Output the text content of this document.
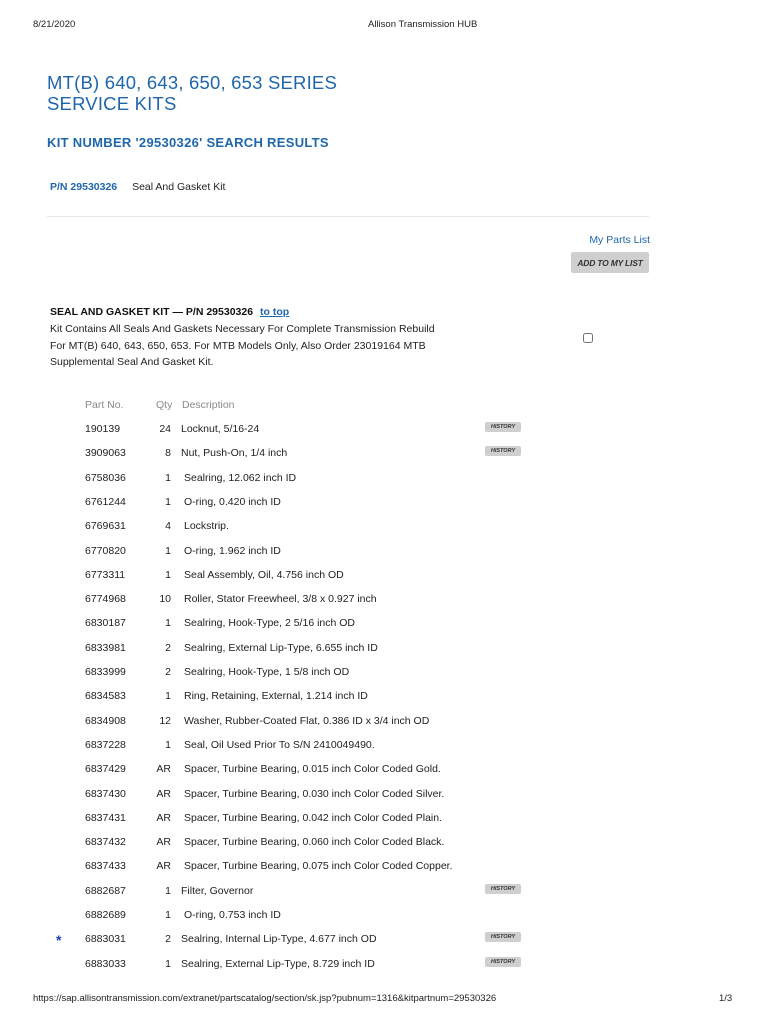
8/21/2020	Allison Transmission HUB
MT(B) 640, 643, 650, 653 SERIES
SERVICE KITS
KIT NUMBER '29530326' SEARCH RESULTS
P/N 29530326 Seal And Gasket Kit
My Parts List
ADD TO MY LIST
SEAL AND GASKET KIT — P/N 29530326 to top
Kit Contains All Seals And Gaskets Necessary For Complete Transmission Rebuild
For MT(B) 640, 643, 650, 653. For MTB Models Only, Also Order 23019164 MTB
Supplemental Seal And Gasket Kit.
Part No.	Qty Description
190139	24 Locknut, 5/16-24	HISTORY
3909063	8 Nut, Push-On, 1/4 inch	HISTORY
6758036	1 Sealring, 12.062 inch ID
6761244	1 O-ring, 0.420 inch ID
6769631	4 Lockstrip.
6770820	1 O-ring, 1.962 inch ID
6773311	1 Seal Assembly, Oil, 4.756 inch OD
6774968	10 Roller, Stator Freewheel, 3/8 x 0.927 inch
6830187	1 Sealring, Hook-Type, 2 5/16 inch OD
6833981	2 Sealring, External Lip-Type, 6.655 inch ID
6833999	2 Sealring, Hook-Type, 1 5/8 inch OD
6834583	1 Ring, Retaining, External, 1.214 inch ID
6834908	12 Washer, Rubber-Coated Flat, 0.386 ID x 3/4 inch OD
6837228	1 Seal, Oil Used Prior To S/N 2410049490.
6837429	AR Spacer, Turbine Bearing, 0.015 inch Color Coded Gold.
6837430	AR Spacer, Turbine Bearing, 0.030 inch Color Coded Silver.
6837431	AR Spacer, Turbine Bearing, 0.042 inch Color Coded Plain.
6837432	AR Spacer, Turbine Bearing, 0.060 inch Color Coded Black.
6837433	AR Spacer, Turbine Bearing, 0.075 inch Color Coded Copper.
6882687	1 Filter, Governor	HISTORY
6882689	1 O-ring, 0.753 inch ID
* 6883031	2 Sealring, Internal Lip-Type, 4.677 inch OD	HISTORY
6883033	1 Sealring, External Lip-Type, 8.729 inch ID	HISTORY
https://sap.allisontransmission.com/extranet/partscatalog/section/sk.jsp?pubnum=1316&kitpartnum=29530326	1/3
